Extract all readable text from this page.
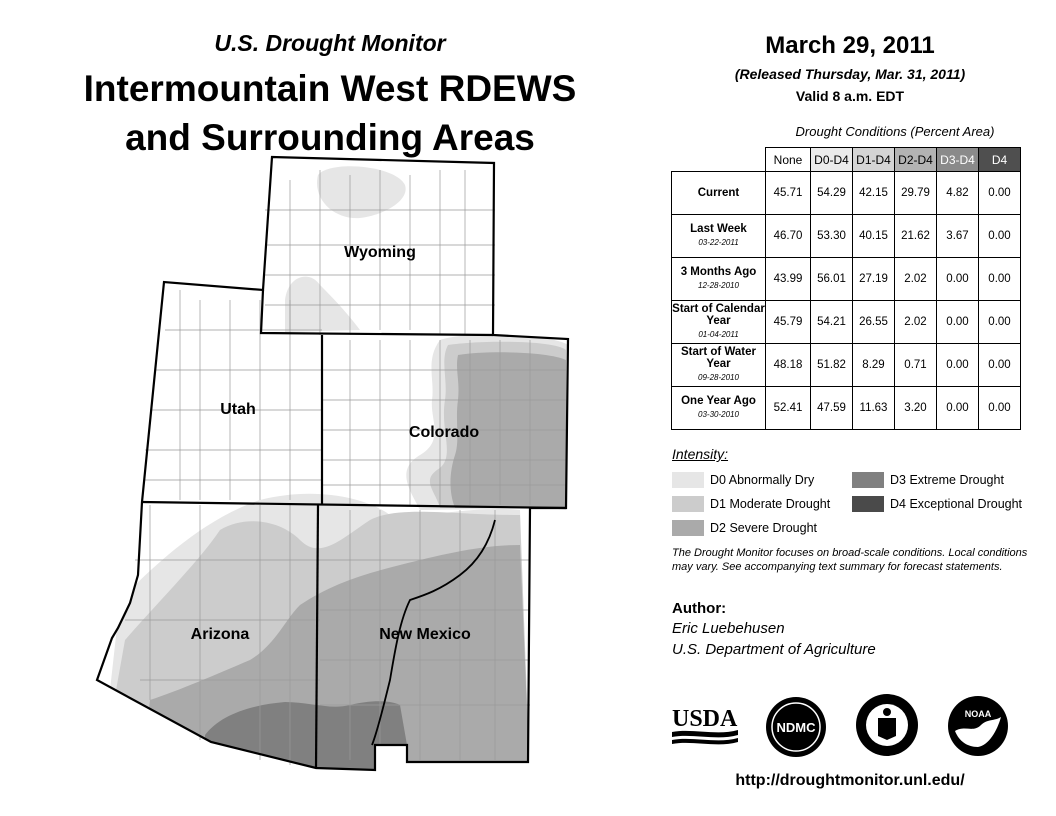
U.S. Drought Monitor
Intermountain West RDEWS
and Surrounding Areas
Wyoming
Utah
Colorado
Arizona	New Mexico
March 29, 2011
(Released Thursday, Mar. 31, 2011)
Valid 8 a.m. EDT
Drought Conditions (Percent Area)
	None	D0-D4	D1-D4	D2-D4	D3-D4	D4
Current	45.71	54.29	42.15	29.79	4.82	0.00
Last Week
03-22-2011	46.70	53.30	40.15	21.62	3.67	0.00
3 Months Ago
12-28-2010	43.99	56.01	27.19	2.02	0.00	0.00
Start of Calendar Year
01-04-2011	45.79	54.21	26.55	2.02	0.00	0.00
Start of Water Year
09-28-2010	48.18	51.82	8.29	0.71	0.00	0.00
One Year Ago
03-30-2010	52.41	47.59	11.63	3.20	0.00	0.00
Intensity:
D0 Abnormally Dry
D1 Moderate Drought
D2 Severe Drought
D3 Extreme Drought
D4 Exceptional Drought
The Drought Monitor focuses on broad-scale conditions. Local conditions may vary. See accompanying text summary for forecast statements.
Author:
Eric Luebehusen
U.S. Department of Agriculture
USDA	NDMC
NOAA
http://droughtmonitor.unl.edu/
